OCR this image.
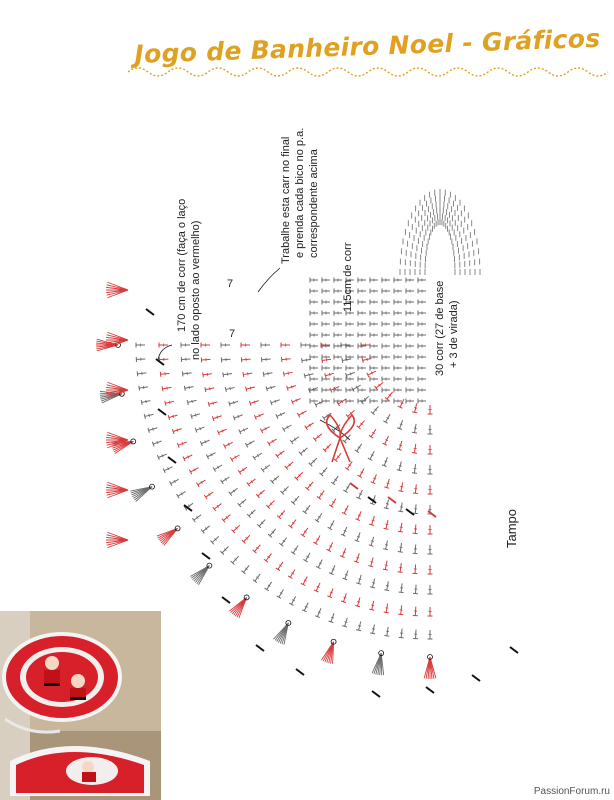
Jogo de Banheiro Noel - Gráficos
170 cm de corr (faça o laço no lado oposto ao vermelho)
Trabalhe esta carr no final e prenda cada bico no p.a. correspondente acima
115cm de corr
30 corr (27 de base + 3 de virada)
Tampo
7
7
PassionForum.ru
